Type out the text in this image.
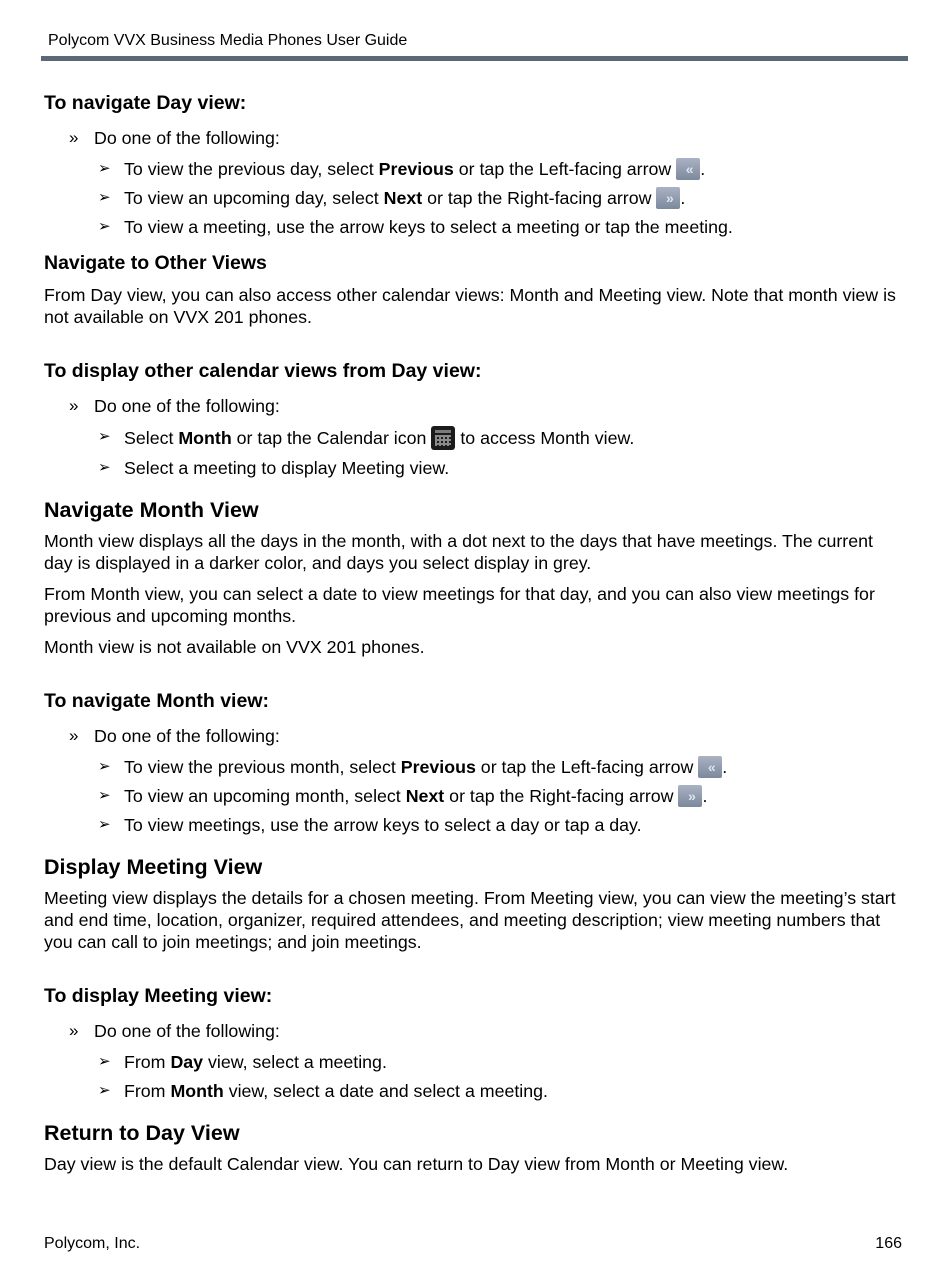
Polycom VVX Business Media Phones User Guide
To navigate Day view:
» Do one of the following:
➢ To view the previous day, select Previous or tap the Left-facing arrow « .
➢ To view an upcoming day, select Next or tap the Right-facing arrow » .
➢ To view a meeting, use the arrow keys to select a meeting or tap the meeting.
Navigate to Other Views

From Day view, you can also access other calendar views: Month and Meeting view. Note that month view is not available on VVX 201 phones.

To display other calendar views from Day view:
» Do one of the following:
➢ Select Month or tap the Calendar icon
to access Month view.
➢ Select a meeting to display Meeting view.
Navigate Month View

Month view displays all the days in the month, with a dot next to the days that have meetings. The current day is displayed in a darker color, and days you select display in grey.

From Month view, you can select a date to view meetings for that day, and you can also view meetings for previous and upcoming months.

Month view is not available on VVX 201 phones.

To navigate Month view:
» Do one of the following:
➢ To view the previous month, select Previous or tap the Left-facing arrow « .
➢ To view an upcoming month, select Next or tap the Right-facing arrow » .
➢ To view meetings, use the arrow keys to select a day or tap a day.
Display Meeting View

Meeting view displays the details for a chosen meeting. From Meeting view, you can view the meeting’s start and end time, location, organizer, required attendees, and meeting description; view meeting numbers that you can call to join meetings; and join meetings.

To display Meeting view:
» Do one of the following:
➢ From Day view, select a meeting.
➢ From Month view, select a date and select a meeting.
Return to Day View

Day view is the default Calendar view. You can return to Day view from Month or Meeting view.

Polycom, Inc.	166
